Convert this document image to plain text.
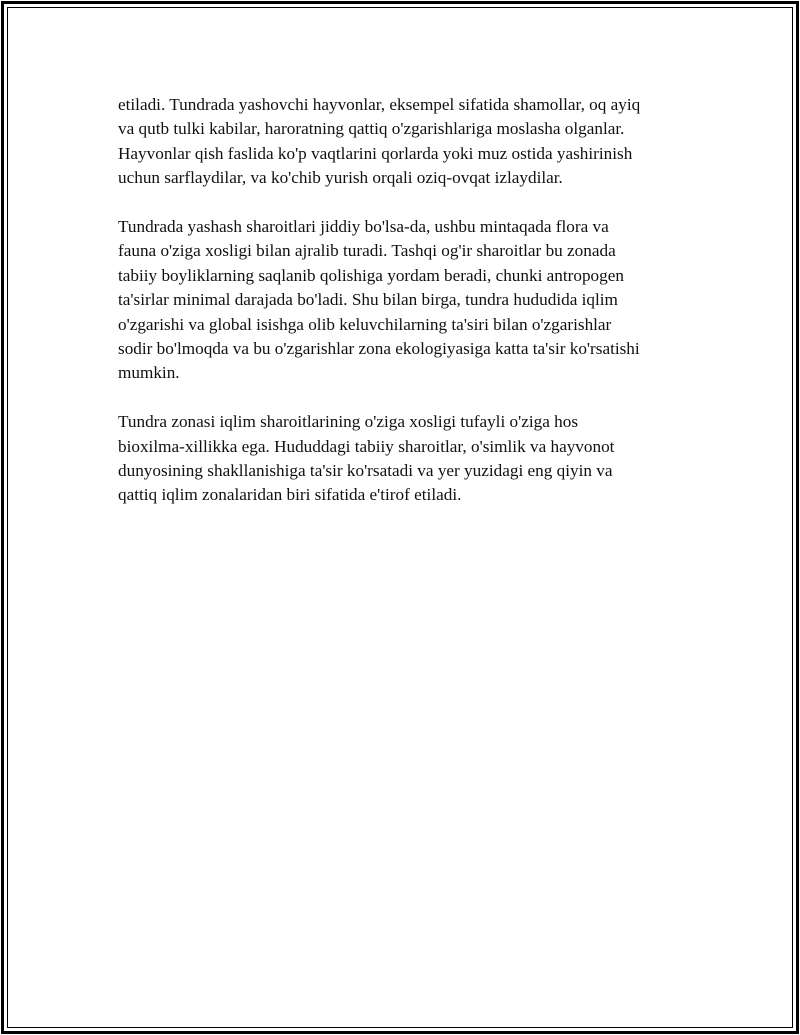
etiladi. Tundrada yashovchi hayvonlar, eksempel sifatida shamollar, oq ayiq
va qutb tulki kabilar, haroratning qattiq o'zgarishlariga moslasha olganlar.
Hayvonlar qish faslida ko'p vaqtlarini qorlarda yoki muz ostida yashirinish
uchun sarflaydilar, va ko'chib yurish orqali oziq-ovqat izlaydilar.

Tundrada yashash sharoitlari jiddiy bo'lsa-da, ushbu mintaqada flora va
fauna o'ziga xosligi bilan ajralib turadi. Tashqi og'ir sharoitlar bu zonada
tabiiy boyliklarning saqlanib qolishiga yordam beradi, chunki antropogen
ta'sirlar minimal darajada bo'ladi. Shu bilan birga, tundra hududida iqlim
o'zgarishi va global isishga olib keluvchilarning ta'siri bilan o'zgarishlar
sodir bo'lmoqda va bu o'zgarishlar zona ekologiyasiga katta ta'sir ko'rsatishi
mumkin.

Tundra zonasi iqlim sharoitlarining o'ziga xosligi tufayli o'ziga hos
bioxilma-xillikka ega. Hududdagi tabiiy sharoitlar, o'simlik va hayvonot
dunyosining shakllanishiga ta'sir ko'rsatadi va yer yuzidagi eng qiyin va
qattiq iqlim zonalaridan biri sifatida e'tirof etiladi.
